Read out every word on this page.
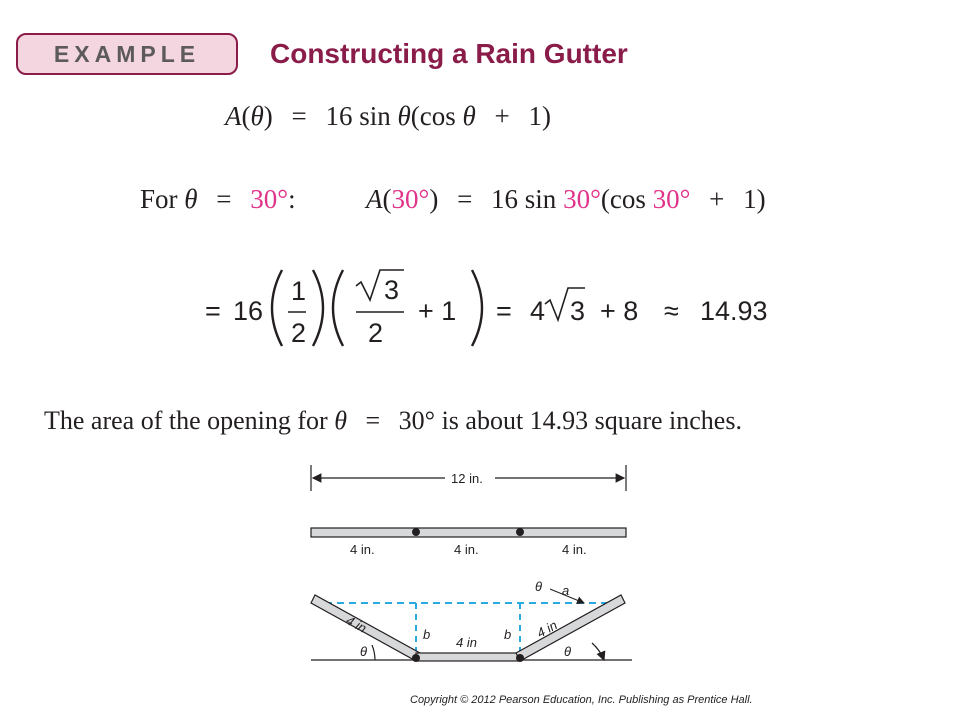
EXAMPLE	Constructing a Rain Gutter
A(θ) = 16 sin θ(cos θ + 1)
For θ = 30°:	A(30°) = 16 sin 30°(cos 30° + 1)
= 16
1
2
3
2
+ 1 = 4 3 + 8 ≈ 14.93
The area of the opening for θ = 30° is about 14.93 square inches.
12 in.
4 in.	4 in.	4 in.
4 in
4 in
4 in
b	b
θ	θ
θ a
Copyright © 2012 Pearson Education, Inc. Publishing as Prentice Hall.
